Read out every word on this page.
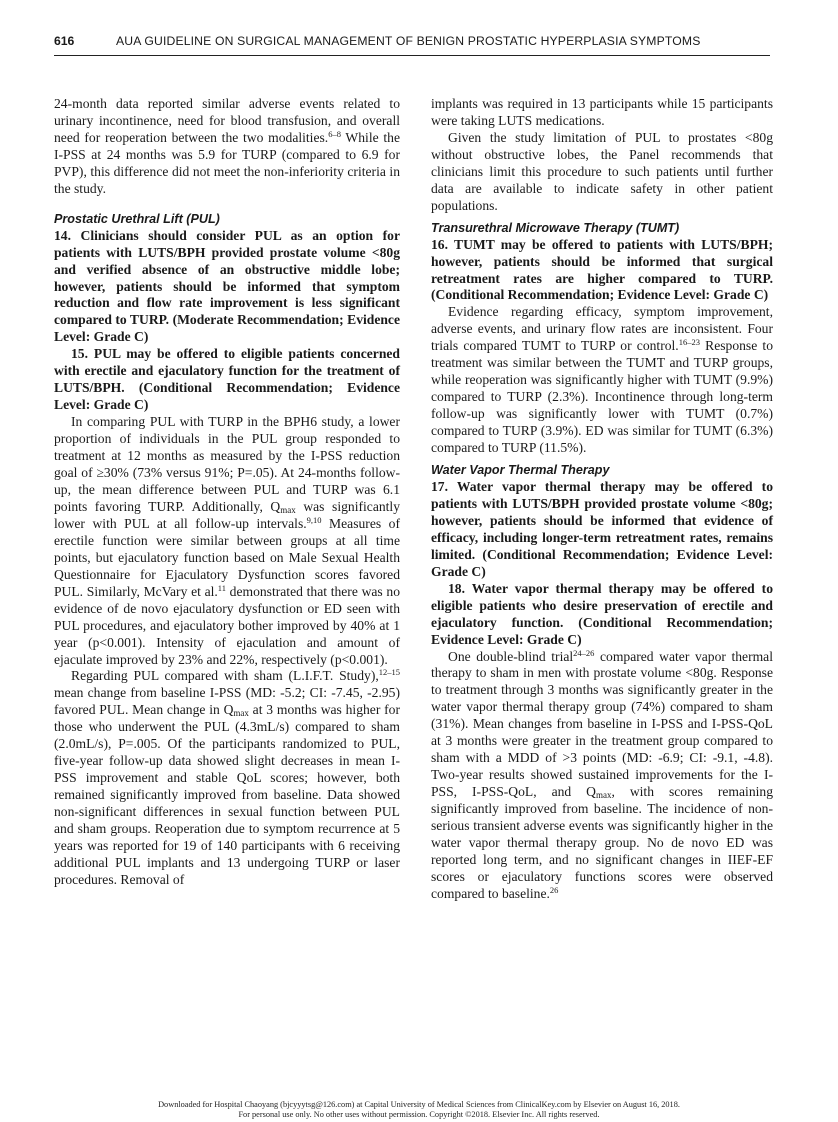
616	AUA GUIDELINE ON SURGICAL MANAGEMENT OF BENIGN PROSTATIC HYPERPLASIA SYMPTOMS

24-month data reported similar adverse events related to urinary incontinence, need for blood transfusion, and overall need for reoperation between the two modalities.$^{6-8}$ While the I-PSS at 24 months was 5.9 for TURP (compared to 6.9 for PVP), this difference did not meet the non-inferiority criteria in the study.

Prostatic Urethral Lift (PUL)

14. Clinicians should consider PUL as an option for patients with LUTS/BPH provided prostate volume <80g and verified absence of an obstructive middle lobe; however, patients should be informed that symptom reduction and flow rate improvement is less significant compared to TURP. (Moderate Recommendation; Evidence Level: Grade C)

15. PUL may be offered to eligible patients concerned with erectile and ejaculatory function for the treatment of LUTS/BPH. (Conditional Recommendation; Evidence Level: Grade C)

In comparing PUL with TURP in the BPH6 study, a lower proportion of individuals in the PUL group responded to treatment at 12 months as measured by the I-PSS reduction goal of ≥30% (73% versus 91%; P=.05). At 24-months follow-up, the mean difference between PUL and TURP was 6.1 points favoring TURP. Additionally, $Q_{max}$ was significantly lower with PUL at all follow-up intervals.$^{9,10}$ Measures of erectile function were similar between groups at all time points, but ejaculatory function based on Male Sexual Health Questionnaire for Ejaculatory Dysfunction scores favored PUL. Similarly, McVary et al.$^{11}$ demonstrated that there was no evidence of de novo ejaculatory dysfunction or ED seen with PUL procedures, and ejaculatory bother improved by 40% at 1 year (p<0.001). Intensity of ejaculation and amount of ejaculate improved by 23% and 22%, respectively (p<0.001).

Regarding PUL compared with sham (L.I.F.T. Study),$^{12-15}$ mean change from baseline I-PSS (MD: -5.2; CI: -7.45, -2.95) favored PUL. Mean change in $Q_{max}$ at 3 months was higher for those who underwent the PUL (4.3mL/s) compared to sham (2.0mL/s), P=.005. Of the participants randomized to PUL, five-year follow-up data showed slight decreases in mean I-PSS improvement and stable QoL scores; however, both remained significantly improved from baseline. Data showed non-significant differences in sexual function between PUL and sham groups. Reoperation due to symptom recurrence at 5 years was reported for 19 of 140 participants with 6 receiving additional PUL implants and 13 undergoing TURP or laser procedures. Removal of

implants was required in 13 participants while 15 participants were taking LUTS medications.

Given the study limitation of PUL to prostates <80g without obstructive lobes, the Panel recommends that clinicians limit this procedure to such patients until further data are available to indicate safety in other patient populations.

Transurethral Microwave Therapy (TUMT)

16. TUMT may be offered to patients with LUTS/BPH; however, patients should be informed that surgical retreatment rates are higher compared to TURP. (Conditional Recommendation; Evidence Level: Grade C)

Evidence regarding efficacy, symptom improvement, adverse events, and urinary flow rates are inconsistent. Four trials compared TUMT to TURP or control.$^{16-23}$ Response to treatment was similar between the TUMT and TURP groups, while reoperation was significantly higher with TUMT (9.9%) compared to TURP (2.3%). Incontinence through long-term follow-up was significantly lower with TUMT (0.7%) compared to TURP (3.9%). ED was similar for TUMT (6.3%) compared to TURP (11.5%).

Water Vapor Thermal Therapy

17. Water vapor thermal therapy may be offered to patients with LUTS/BPH provided prostate volume <80g; however, patients should be informed that evidence of efficacy, including longer-term retreatment rates, remains limited. (Conditional Recommendation; Evidence Level: Grade C)

18. Water vapor thermal therapy may be offered to eligible patients who desire preservation of erectile and ejaculatory function. (Conditional Recommendation; Evidence Level: Grade C)

One double-blind trial$^{24-26}$ compared water vapor thermal therapy to sham in men with prostate volume <80g. Response to treatment through 3 months was significantly greater in the water vapor thermal therapy group (74%) compared to sham (31%). Mean changes from baseline in I-PSS and I-PSS-QoL at 3 months were greater in the treatment group compared to sham with a MDD of >3 points (MD: -6.9; CI: -9.1, -4.8). Two-year results showed sustained improvements for the I-PSS, I-PSS-QoL, and $Q_{max}$, with scores remaining significantly improved from baseline. The incidence of non-serious transient adverse events was significantly higher in the water vapor thermal therapy group. No de novo ED was reported long term, and no significant changes in IIEF-EF scores or ejaculatory functions scores were observed compared to baseline.$^{26}$

Downloaded for Hospital Chaoyang (bjcyyytsg@126.com) at Capital University of Medical Sciences from ClinicalKey.com by Elsevier on August 16, 2018.
For personal use only. No other uses without permission. Copyright ©2018. Elsevier Inc. All rights reserved.
